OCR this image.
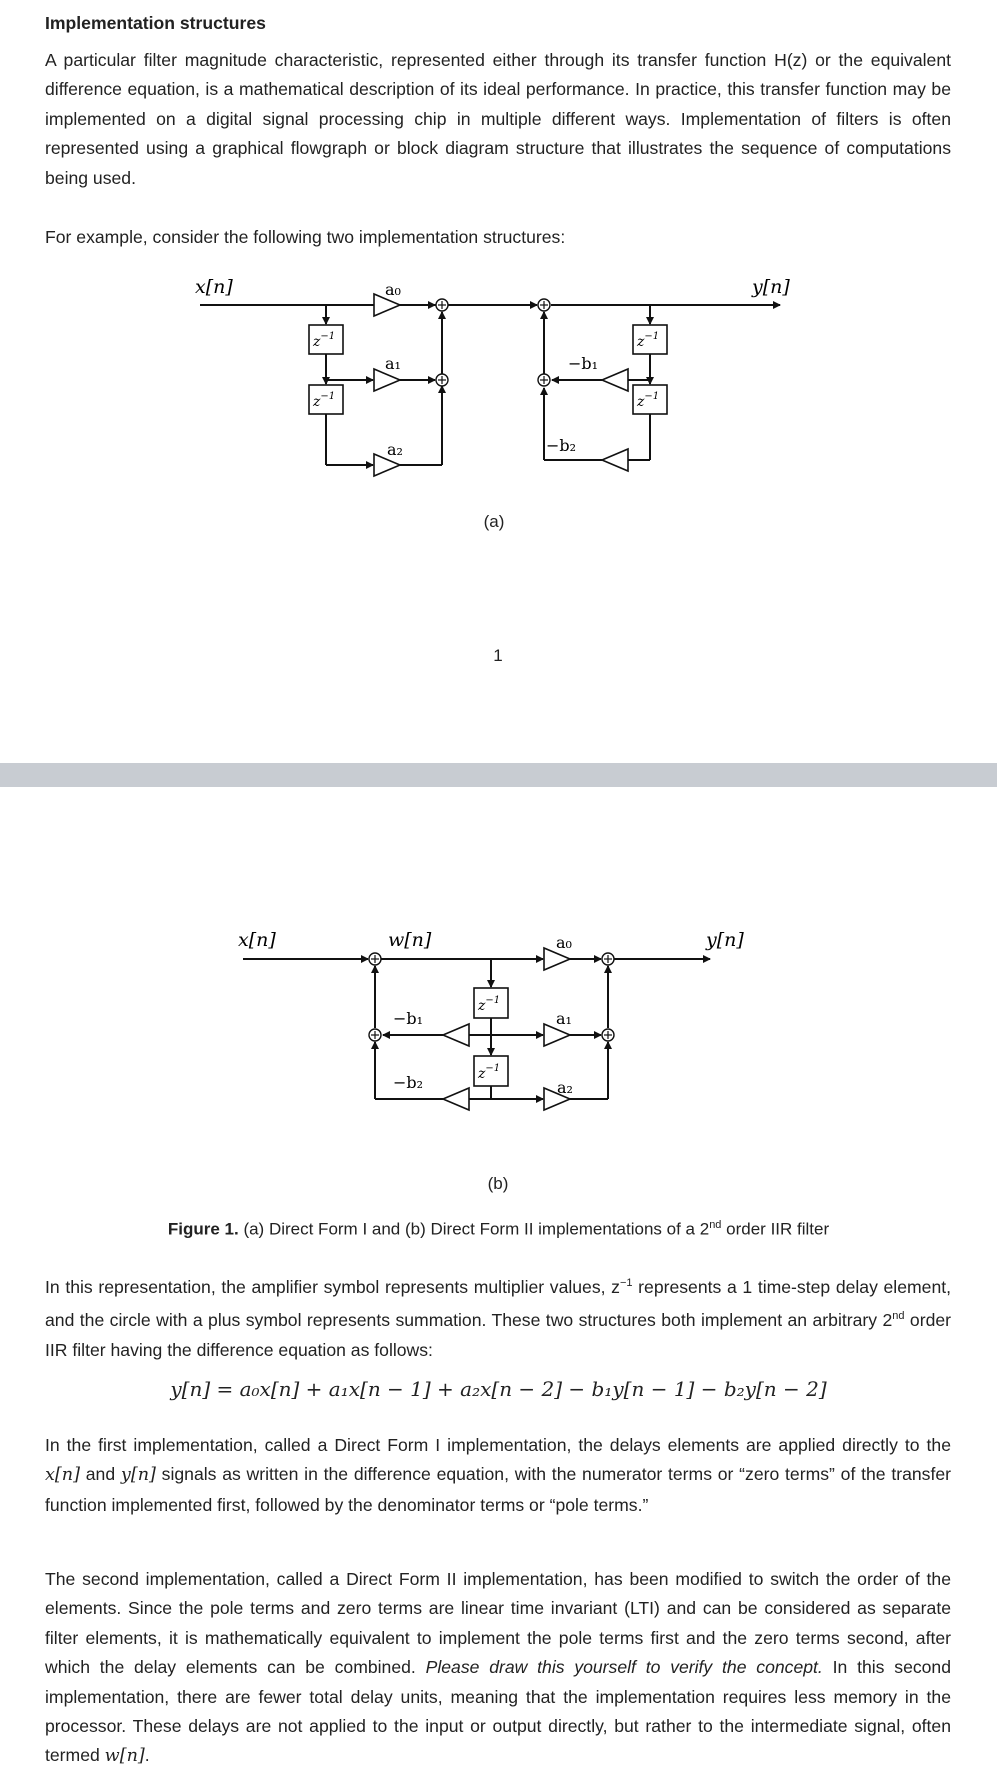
Implementation structures

A particular filter magnitude characteristic, represented either through its transfer function H(z) or the equivalent difference equation, is a mathematical description of its ideal performance. In practice, this transfer function may be implemented on a digital signal processing chip in multiple different ways. Implementation of filters is often represented using a graphical flowgraph or block diagram structure that illustrates the sequence of computations being used.

For example, consider the following two implementation structures:

x[n]	y[n]
a₀
a₁
a₂
−b₁
−b₂
$z^{-1}$
$z^{-1}$
$z^{-1}$
$z^{-1}$
(a)
1
x[n]	w[n]	y[n]
a₀
a₁
a₂
−b₁
−b₂
$z^{-1}$
$z^{-1}$
(b)
Figure 1. (a) Direct Form I and (b) Direct Form II implementations of a 2nd order IIR filter

In this representation, the amplifier symbol represents multiplier values, $z^{-1}$ represents a 1 time-step delay element, and the circle with a plus symbol represents summation. These two structures both implement an arbitrary 2nd order IIR filter having the difference equation as follows:

y[n] = a₀x[n] + a₁x[n − 1] + a₂x[n − 2] − b₁y[n − 1] − b₂y[n − 2]

In the first implementation, called a Direct Form I implementation, the delays elements are applied directly to the x[n] and y[n] signals as written in the difference equation, with the numerator terms or “zero terms” of the transfer function implemented first, followed by the denominator terms or “pole terms.”

The second implementation, called a Direct Form II implementation, has been modified to switch the order of the elements. Since the pole terms and zero terms are linear time invariant (LTI) and can be considered as separate filter elements, it is mathematically equivalent to implement the pole terms first and the zero terms second, after which the delay elements can be combined. Please draw this yourself to verify the concept. In this second implementation, there are fewer total delay units, meaning that the implementation requires less memory in the processor. These delays are not applied to the input or output directly, but rather to the intermediate signal, often termed w[n].
